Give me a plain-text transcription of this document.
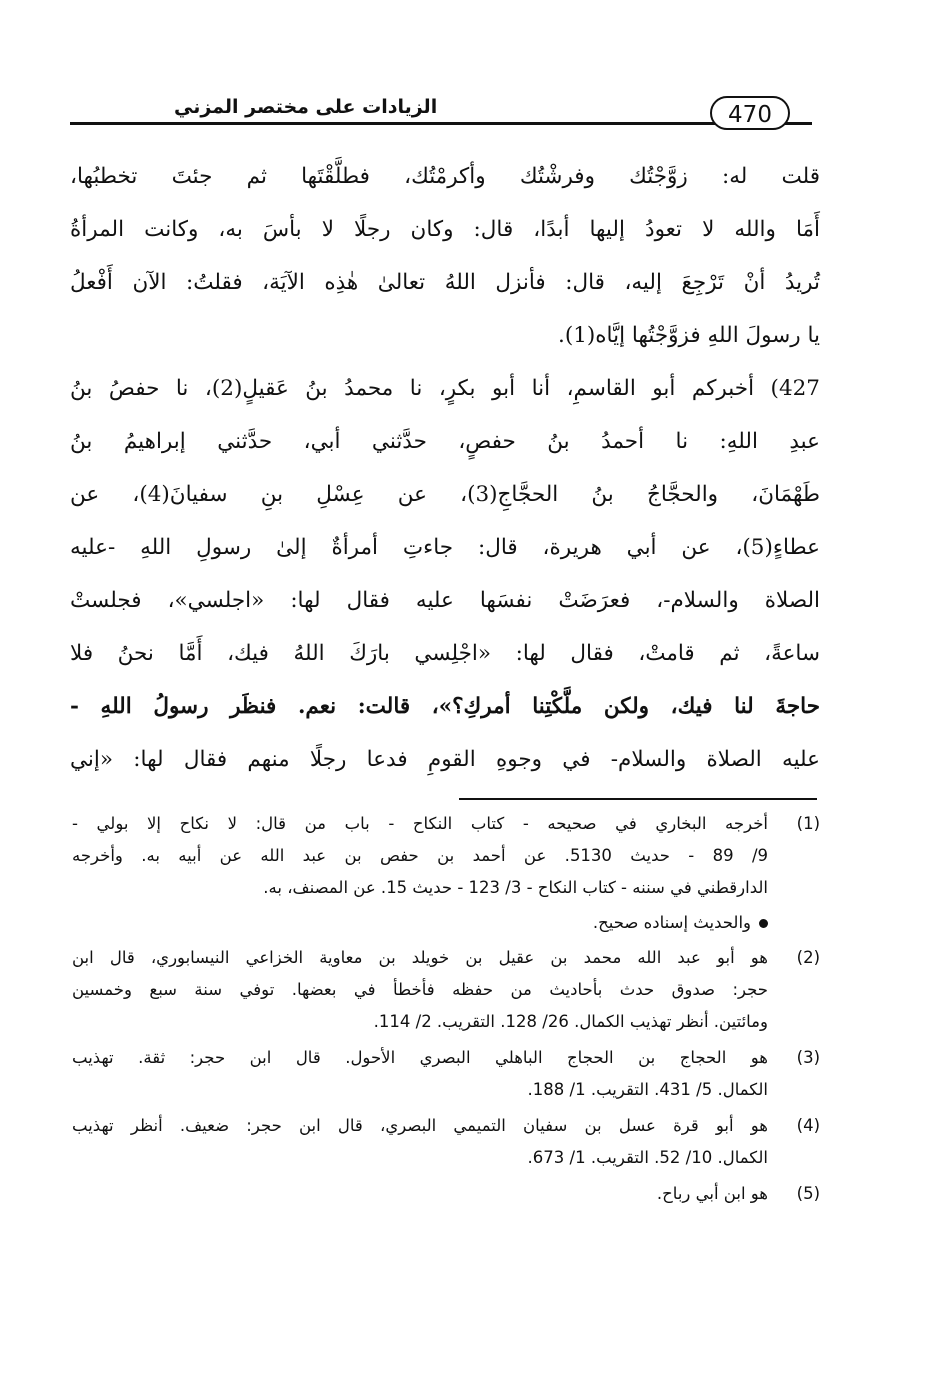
الزيادات على مختصر المزني	470
قلت له: زوَّجْتُك وفرشْتُك وأكرمْتُك، فطلَّقْتَها ثم جئتَ تخطبُها،
أَمَا والله لا تعودُ إليها أبدًا، قال: وكان رجلًا لا بأسَ به، وكانت المرأةُ
تُريدُ أنْ تَرْجِعَ إليه، قال: فأنزل اللهُ تعالىٰ هٰذِه الآيَة، فقلتُ: الآن أَفْعلُ
يا رسولَ اللهِ فزوَّجْتُها إيَّاه(1).
427) أخبركم أبو القاسمِ، أنا أبو بكرٍ، نا محمدُ بنُ عَقيلٍ(2)، نا حفصُ بنُ
عبدِ اللهِ: نا أحمدُ بنُ حفصٍ، حدَّثني أبي، حدَّثني إبراهيمُ بنُ
طَهْمَانَ، والحجَّاجُ بنُ الحجَّاجِ(3)، عن عِسْلِ بنِ سفيانَ(4)، عن
عطاءٍ(5)، عن أبي هريرة، قال: جاءتِ أمرأةٌ إلىٰ رسولِ اللهِ -عليه
الصلاة والسلام-، فعرَضَتْ نفسَها عليه فقال لها: «اجلسي»، فجلستْ
ساعةً، ثم قامتْ، فقال لها: «اجْلِسي بارَكَ اللهُ فيك، أَمَّا نحنُ فلا
حاجةَ لنا فيك، ولكن ملَّكْتِنا أمركِ؟»، قالت: نعم. فنظَر رسولُ اللهِ -
عليه الصلاة والسلام- في وجوهِ القومِ فدعا رجلًا منهم فقال لها: «إني
(1)
أخرجه البخاري في صحيحه - كتاب النكاح - باب من قال: لا نكاح إلا بولي -
9/ 89 - حديث 5130. عن أحمد بن حفص بن عبد الله عن أبيه به. وأخرجه
الدارقطني في سننه - كتاب النكاح - 3/ 123 - حديث 15. عن المصنف، به.
والحديث إسناده صحيح.
(2)
هو أبو عبد الله محمد بن عقيل بن خويلد بن معاوية الخزاعي النيسابوري، قال ابن
حجر: صدوق حدث بأحاديث من حفظه فأخطأ في بعضها. توفي سنة سبع وخمسين
ومائتين. أنظر تهذيب الكمال. 26/ 128. التقريب. 2/ 114.
(3)
هو الحجاج بن الحجاج الباهلي البصري الأحول. قال ابن حجر: ثقة. تهذيب
الكمال. 5/ 431. التقريب. 1/ 188.
(4)
هو أبو قرة عسل بن سفيان التميمي البصري، قال ابن حجر: ضعيف. أنظر تهذيب
الكمال. 10/ 52. التقريب. 1/ 673.
(5)
هو ابن أبي رباح.
